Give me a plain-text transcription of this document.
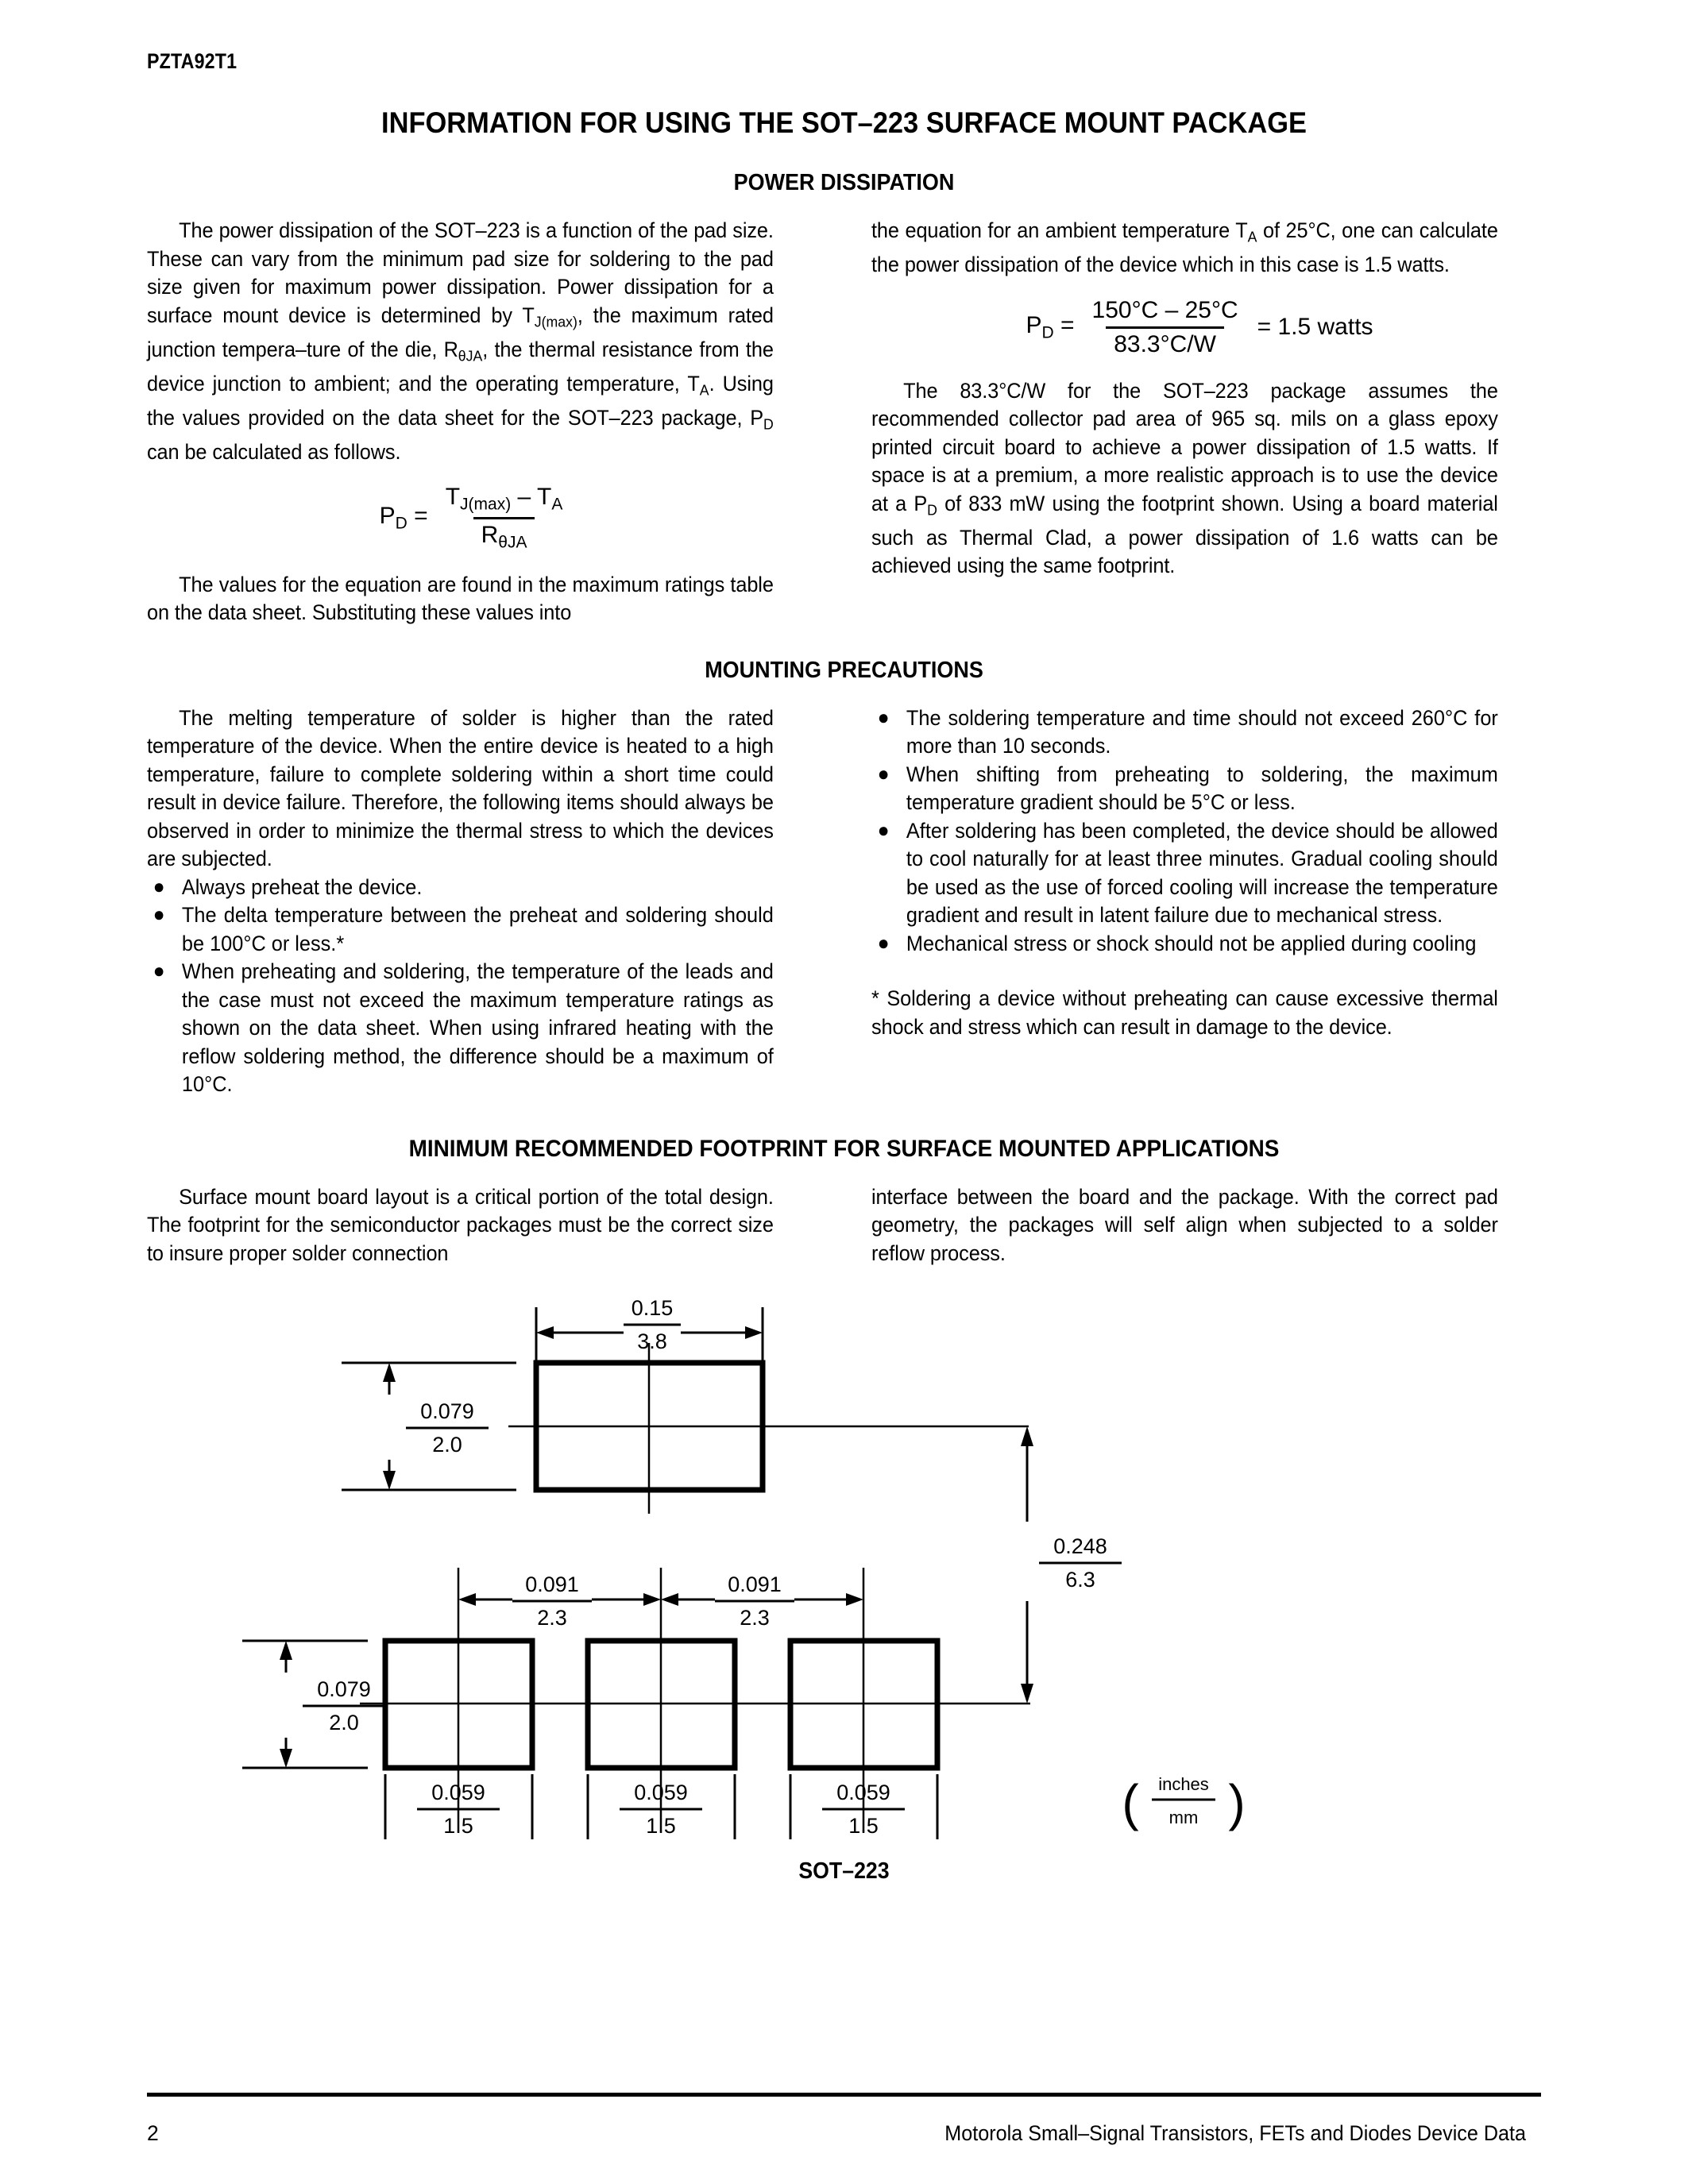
PZTA92T1
INFORMATION FOR USING THE SOT–223 SURFACE MOUNT PACKAGE
POWER DISSIPATION

The power dissipation of the SOT–223 is a function of the pad size. These can vary from the minimum pad size for soldering to the pad size given for maximum power dissipation. Power dissipation for a surface mount device is determined by $T_{J(max)}$, the maximum rated junction tempera–ture of the die, $R_{\theta JA}$, the thermal resistance from the device junction to ambient; and the operating temperature, $T_A$. Using the values provided on the data sheet for the SOT–223 package, $P_D$ can be calculated as follows.

$P_D = \frac{T_{J(max)} - T_A}{R_{\theta JA}}$

The values for the equation are found in the maximum ratings table on the data sheet. Substituting these values into

the equation for an ambient temperature $T_A$ of 25°C, one can calculate the power dissipation of the device which in this case is 1.5 watts.

$P_D = \frac{150^\circ C - 25^\circ C}{83.3^\circ C/W} = 1.5$ watts

The 83.3°C/W for the SOT–223 package assumes the recommended collector pad area of 965 sq. mils on a glass epoxy printed circuit board to achieve a power dissipation of 1.5 watts. If space is at a premium, a more realistic approach is to use the device at a $P_D$ of 833 mW using the footprint shown. Using a board material such as Thermal Clad, a power dissipation of 1.6 watts can be achieved using the same footprint.

MOUNTING PRECAUTIONS

The melting temperature of solder is higher than the rated temperature of the device. When the entire device is heated to a high temperature, failure to complete soldering within a short time could result in device failure. Therefore, the following items should always be observed in order to minimize the thermal stress to which the devices are subjected.

● Always preheat the device.
● The delta temperature between the preheat and soldering should be 100°C or less.*
● When preheating and soldering, the temperature of the leads and the case must not exceed the maximum temperature ratings as shown on the data sheet. When using infrared heating with the reflow soldering method, the difference should be a maximum of 10°C.
● The soldering temperature and time should not exceed 260°C for more than 10 seconds.
● When shifting from preheating to soldering, the maximum temperature gradient should be 5°C or less.
● After soldering has been completed, the device should be allowed to cool naturally for at least three minutes. Gradual cooling should be used as the use of forced cooling will increase the temperature gradient and result in latent failure due to mechanical stress.
● Mechanical stress or shock should not be applied during cooling

* Soldering a device without preheating can cause excessive thermal shock and stress which can result in damage to the device.

MINIMUM RECOMMENDED FOOTPRINT FOR SURFACE MOUNTED APPLICATIONS

Surface mount board layout is a critical portion of the total design. The footprint for the semiconductor packages must be the correct size to insure proper solder connection

interface between the board and the package. With the correct pad geometry, the packages will self align when subjected to a solder reflow process.

0.15
3.8
0.079
2.0
0.248
6.3
0.091
2.3
0.091
2.3
0.079
2.0
0.059
1.5
0.059
1.5
0.059
1.5	( inches
mm )
SOT–223
2	Motorola Small–Signal Transistors, FETs and Diodes Device Data
